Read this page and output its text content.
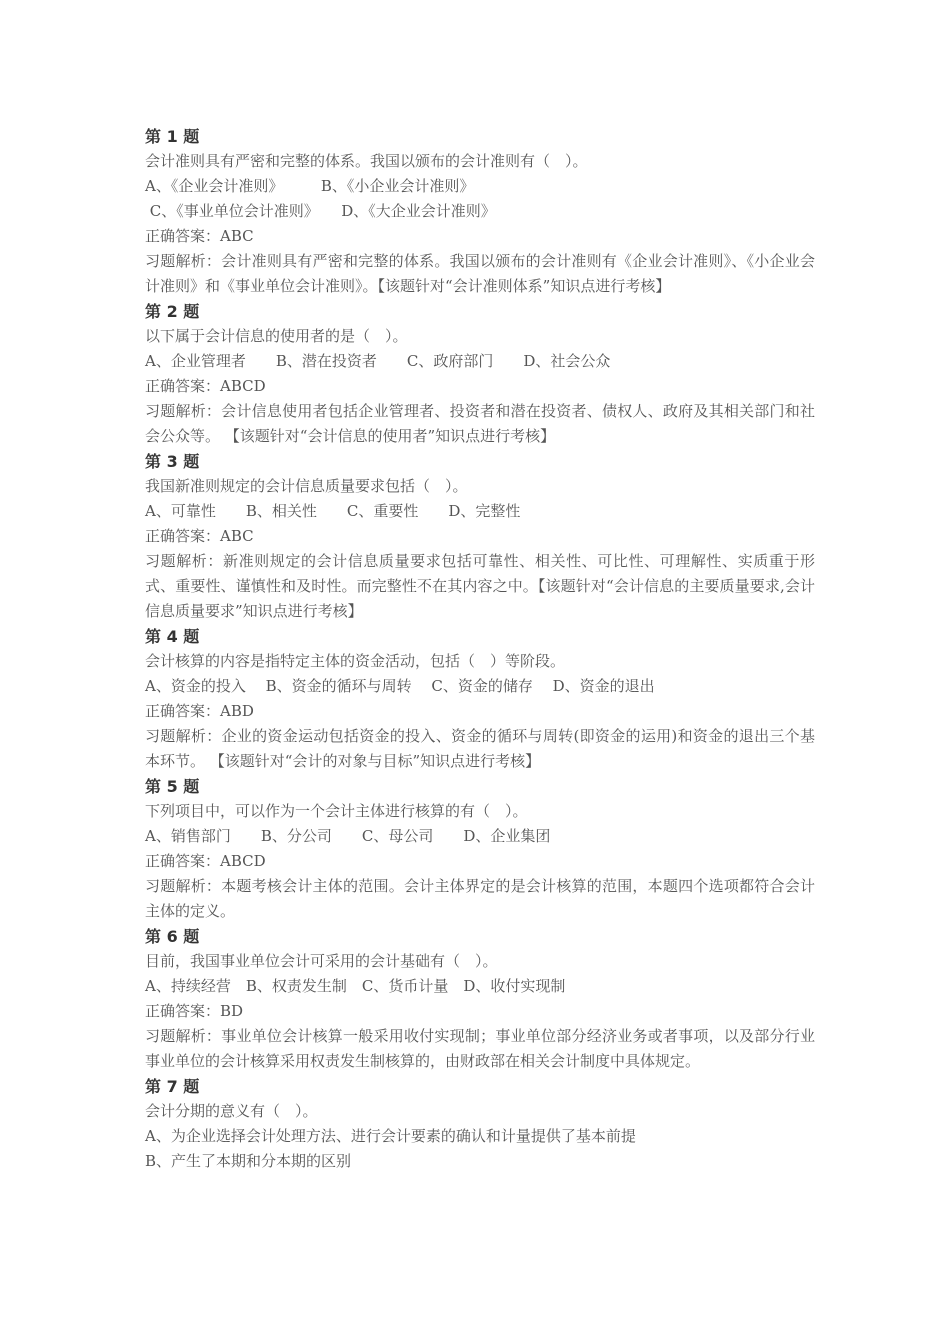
第 1 题
会计准则具有严密和完整的体系。我国以颁布的会计准则有（　）。
A、《企业会计准则》　　　B、《小企业会计准则》
C、《事业单位会计准则》　　D、《大企业会计准则》
正确答案：ABC
习题解析：会计准则具有严密和完整的体系。我国以颁布的会计准则有《企业会计准则》、《小企业会计准则》和《事业单位会计准则》。【该题针对“会计准则体系”知识点进行考核】
第 2 题
以下属于会计信息的使用者的是（　）。
A、企业管理者　　B、潜在投资者　　C、政府部门　　D、社会公众
正确答案：ABCD
习题解析：会计信息使用者包括企业管理者、投资者和潜在投资者、债权人、政府及其相关部门和社会公众等。 【该题针对“会计信息的使用者”知识点进行考核】
第 3 题
我国新准则规定的会计信息质量要求包括（　）。
A、可靠性　　B、相关性　　C、重要性　　D、完整性
正确答案：ABC
习题解析：新准则规定的会计信息质量要求包括可靠性、相关性、可比性、可理解性、实质重于形式、重要性、谨慎性和及时性。而完整性不在其内容之中。【该题针对“会计信息的主要质量要求,会计信息质量要求”知识点进行考核】
第 4 题
会计核算的内容是指特定主体的资金活动，包括（　）等阶段。
A、资金的投入　 B、资金的循环与周转　 C、资金的储存　 D、资金的退出
正确答案：ABD
习题解析：企业的资金运动包括资金的投入、资金的循环与周转(即资金的运用)和资金的退出三个基本环节。 【该题针对“会计的对象与目标”知识点进行考核】
第 5 题
下列项目中，可以作为一个会计主体进行核算的有（　）。
A、销售部门　　B、分公司　　C、母公司　　D、企业集团
正确答案：ABCD
习题解析：本题考核会计主体的范围。会计主体界定的是会计核算的范围，本题四个选项都符合会计主体的定义。
第 6 题
目前，我国事业单位会计可采用的会计基础有（　）。
A、持续经营　B、权责发生制　C、货币计量　D、收付实现制
正确答案：BD
习题解析：事业单位会计核算一般采用收付实现制；事业单位部分经济业务或者事项，以及部分行业事业单位的会计核算采用权责发生制核算的，由财政部在相关会计制度中具体规定。
第 7 题
会计分期的意义有（　）。
A、为企业选择会计处理方法、进行会计要素的确认和计量提供了基本前提
B、产生了本期和分本期的区别
